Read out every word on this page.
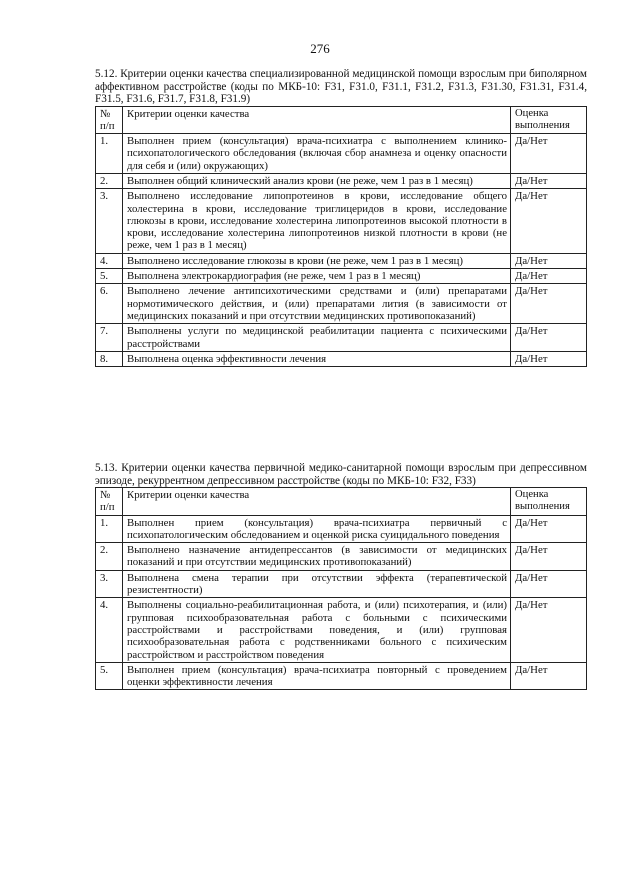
276

5.12. Критерии оценки качества специализированной медицинской помощи взрослым при биполярном аффективном расстройстве (коды по МКБ-10: F31, F31.0, F31.1, F31.2, F31.3, F31.30, F31.31, F31.4, F31.5, F31.6, F31.7, F31.8, F31.9)

№ п/п	Критерии оценки качества	Оценка выполнения
1.	Выполнен прием (консультация) врача-психиатра с выполнением клинико-психопатологического обследования (включая сбор анамнеза и оценку опасности для себя и (или) окружающих)	Да/Нет
2.	Выполнен общий клинический анализ крови (не реже, чем 1 раз в 1 месяц)	Да/Нет
3.	Выполнено исследование липопротеинов в крови, исследование общего холестерина в крови, исследование триглицеридов в крови, исследование глюкозы в крови, исследование холестерина липопротеинов высокой плотности в крови, исследование холестерина липопротеинов низкой плотности в крови (не реже, чем 1 раз в 1 месяц)	Да/Нет
4.	Выполнено исследование глюкозы в крови (не реже, чем 1 раз в 1 месяц)	Да/Нет
5.	Выполнена электрокардиография (не реже, чем 1 раз в 1 месяц)	Да/Нет
6.	Выполнено лечение антипсихотическими средствами и (или) препаратами нормотимического действия, и (или) препаратами лития (в зависимости от медицинских показаний и при отсутствии медицинских противопоказаний)	Да/Нет
7.	Выполнены услуги по медицинской реабилитации пациента с психическими расстройствами	Да/Нет
8.	Выполнена оценка эффективности лечения	Да/Нет

5.13. Критерии оценки качества первичной медико-санитарной помощи взрослым при депрессивном эпизоде, рекуррентном депрессивном расстройстве (коды по МКБ-10: F32, F33)

№ п/п	Критерии оценки качества	Оценка выполнения
1.	Выполнен прием (консультация) врача-психиатра первичный с психопатологическим обследованием и оценкой риска суицидального поведения	Да/Нет
2.	Выполнено назначение антидепрессантов (в зависимости от медицинских показаний и при отсутствии медицинских противопоказаний)	Да/Нет
3.	Выполнена смена терапии при отсутствии эффекта (терапевтической резистентности)	Да/Нет
4.	Выполнены социально-реабилитационная работа, и (или) психотерапия, и (или) групповая психообразовательная работа с больными с психическими расстройствами и расстройствами поведения, и (или) групповая психообразовательная работа с родственниками больного с психическим расстройством и расстройством поведения	Да/Нет
5.	Выполнен прием (консультация) врача-психиатра повторный с проведением оценки эффективности лечения	Да/Нет
